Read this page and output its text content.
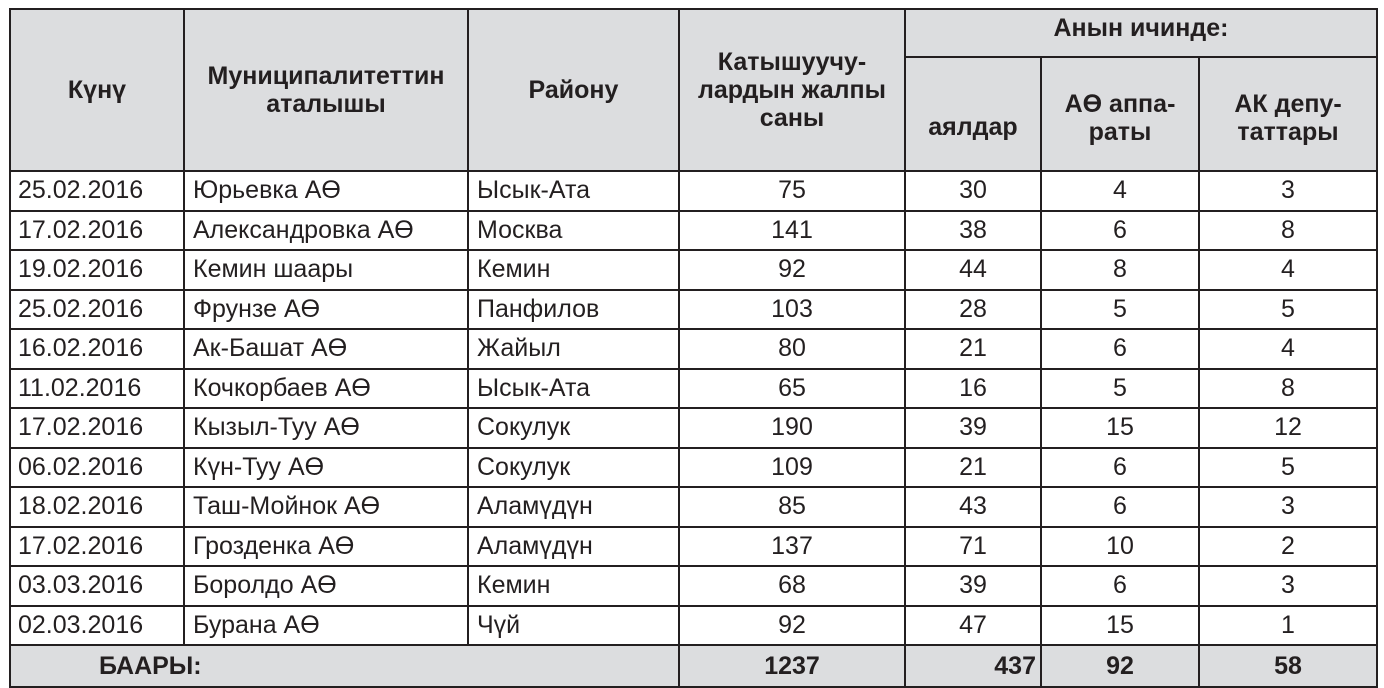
Күнү	Муниципалитеттин аталышы	Району	Катышуучу-лардын жалпы саны	Анын ичинде:		
				аялдар	АӨ аппа-раты	АК депу-таттары
25.02.2016	Юрьевка АӨ	Ысык-Ата	75	30	4	3
17.02.2016	Александровка АӨ	Москва	141	38	6	8
19.02.2016	Кемин шаары	Кемин	92	44	8	4
25.02.2016	Фрунзе АӨ	Панфилов	103	28	5	5
16.02.2016	Ак-Башат АӨ	Жайыл	80	21	6	4
11.02.2016	Кочкорбаев АӨ	Ысык-Ата	65	16	5	8
17.02.2016	Кызыл-Туу АӨ	Сокулук	190	39	15	12
06.02.2016	Күн-Туу АӨ	Сокулук	109	21	6	5
18.02.2016	Таш-Мойнок АӨ	Аламүдүн	85	43	6	3
17.02.2016	Грозденка АӨ	Аламүдүн	137	71	10	2
03.03.2016	Боролдо АӨ	Кемин	68	39	6	3
02.03.2016	Бурана АӨ	Чүй	92	47	15	1
БААРЫ:			1237	437	92	58
